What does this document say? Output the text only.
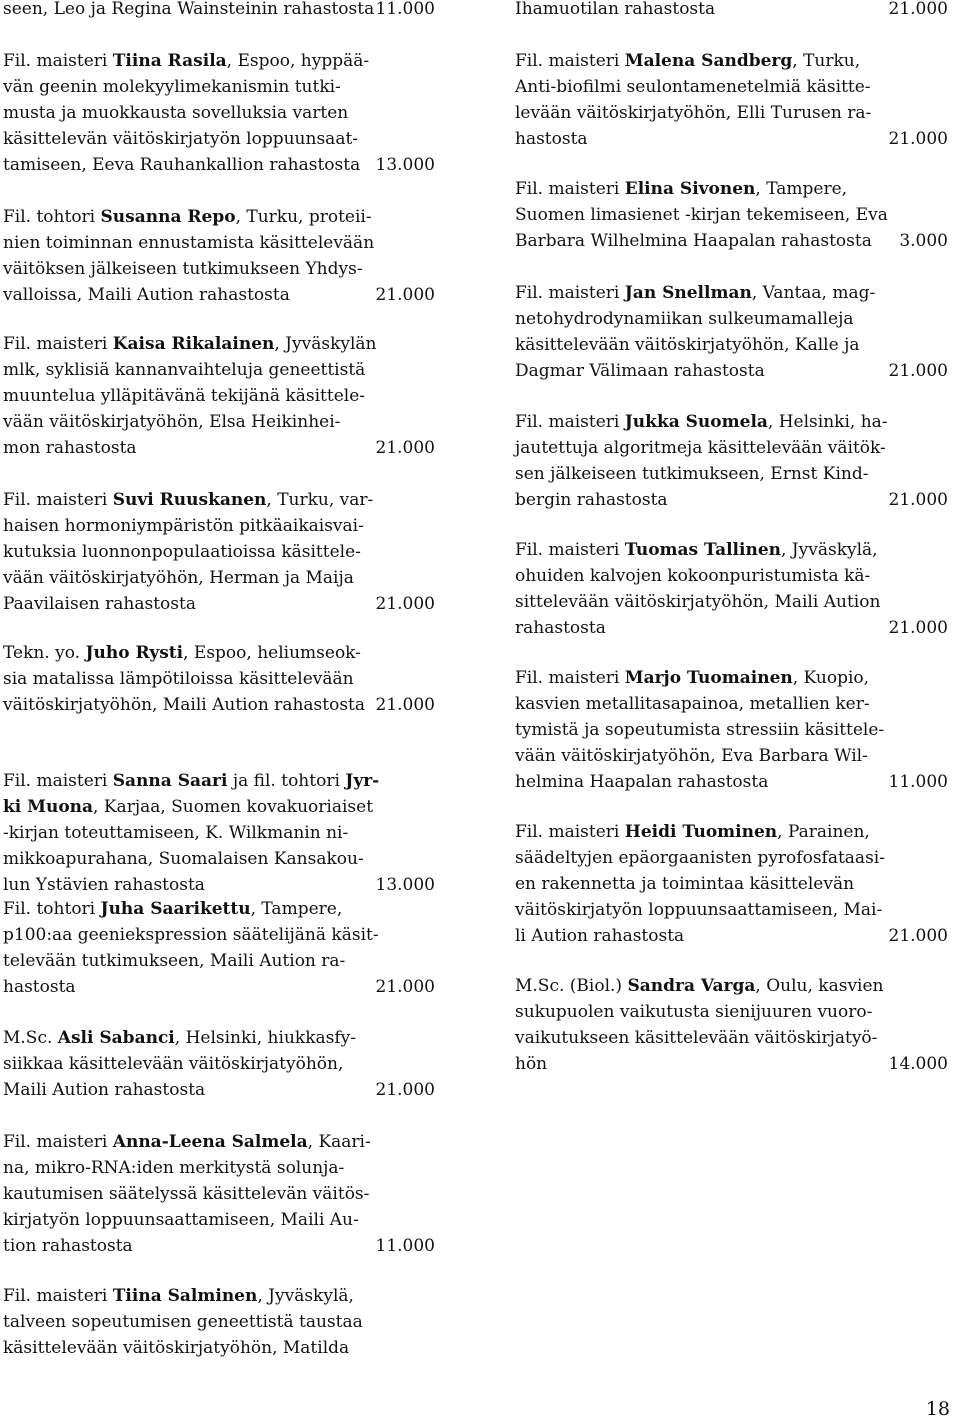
seen, Leo ja Regina Wainsteinin rahastosta 11.000
Fil. maisteri Tiina Rasila, Espoo, hyppää-
vän geenin molekyylimekanismin tutki-
musta ja muokkausta sovelluksia varten
käsittelevän väitöskirjatyön loppuunsaat-
tamiseen, Eeva Rauhankallion rahastosta 13.000
Fil. tohtori Susanna Repo, Turku, proteii-
nien toiminnan ennustamista käsittelevään
väitöksen jälkeiseen tutkimukseen Yhdys-
valloissa, Maili Aution rahastosta	21.000
Fil. maisteri Kaisa Rikalainen, Jyväskylän
mlk, syklisiä kannanvaihteluja geneettistä
muuntelua ylläpitävänä tekijänä käsittele-
vään väitöskirjatyöhön, Elsa Heikinhei-
mon rahastosta	21.000
Fil. maisteri Suvi Ruuskanen, Turku, var-
haisen hormoniympäristön pitkäaikaisvai-
kutuksia luonnonpopulaatioissa käsittele-
vään väitöskirjatyöhön, Herman ja Maija
Paavilaisen rahastosta	21.000
Tekn. yo. Juho Rysti, Espoo, heliumseok-
sia matalissa lämpötiloissa käsittelevään
väitöskirjatyöhön, Maili Aution rahastosta 21.000
Fil. maisteri Sanna Saari ja fil. tohtori Jyr-
ki Muona, Karjaa, Suomen kovakuoriaiset
-kirjan toteuttamiseen, K. Wilkmanin ni-
mikkoapurahana, Suomalaisen Kansakou-
lun Ystävien rahastosta	13.000
Fil. tohtori Juha Saarikettu, Tampere,
p100:aa geeniekspression säätelijänä käsit-
televään tutkimukseen, Maili Aution ra-
hastosta	21.000
M.Sc. Asli Sabanci, Helsinki, hiukkasfy-
siikkaa käsittelevään väitöskirjatyöhön,
Maili Aution rahastosta	21.000
Fil. maisteri Anna-Leena Salmela, Kaari-
na, mikro-RNA:iden merkitystä solunja-
kautumisen säätelyssä käsittelevän väitös-
kirjatyön loppuunsaattamiseen, Maili Au-
tion rahastosta	11.000
Fil. maisteri Tiina Salminen, Jyväskylä,
talveen sopeutumisen geneettistä taustaa
käsittelevään väitöskirjatyöhön, Matilda
Ihamuotilan rahastosta	21.000
Fil. maisteri Malena Sandberg, Turku,
Anti-biofilmi seulontamenetelmiä käsitte-
levään väitöskirjatyöhön, Elli Turusen ra-
hastosta	21.000
Fil. maisteri Elina Sivonen, Tampere,
Suomen limasienet -kirjan tekemiseen, Eva
Barbara Wilhelmina Haapalan rahastosta 3.000
Fil. maisteri Jan Snellman, Vantaa, mag-
netohydrodynamiikan sulkeumamalleja
käsittelevään väitöskirjatyöhön, Kalle ja
Dagmar Välimaan rahastosta	21.000
Fil. maisteri Jukka Suomela, Helsinki, ha-
jautettuja algoritmeja käsittelevään väitök-
sen jälkeiseen tutkimukseen, Ernst Kind-
bergin rahastosta	21.000
Fil. maisteri Tuomas Tallinen, Jyväskylä,
ohuiden kalvojen kokoonpuristumista kä-
sittelevään väitöskirjatyöhön, Maili Aution
rahastosta	21.000
Fil. maisteri Marjo Tuomainen, Kuopio,
kasvien metallitasapainoa, metallien ker-
tymistä ja sopeutumista stressiin käsittele-
vään väitöskirjatyöhön, Eva Barbara Wil-
helmina Haapalan rahastosta	11.000
Fil. maisteri Heidi Tuominen, Parainen,
säädeltyjen epäorgaanisten pyrofosfataasi-
en rakennetta ja toimintaa käsittelevän
väitöskirjatyön loppuunsaattamiseen, Mai-
li Aution rahastosta	21.000
M.Sc. (Biol.) Sandra Varga, Oulu, kasvien
sukupuolen vaikutusta sienijuuren vuoro-
vaikutukseen käsittelevään väitöskirjatyö-
hön	14.000
18
